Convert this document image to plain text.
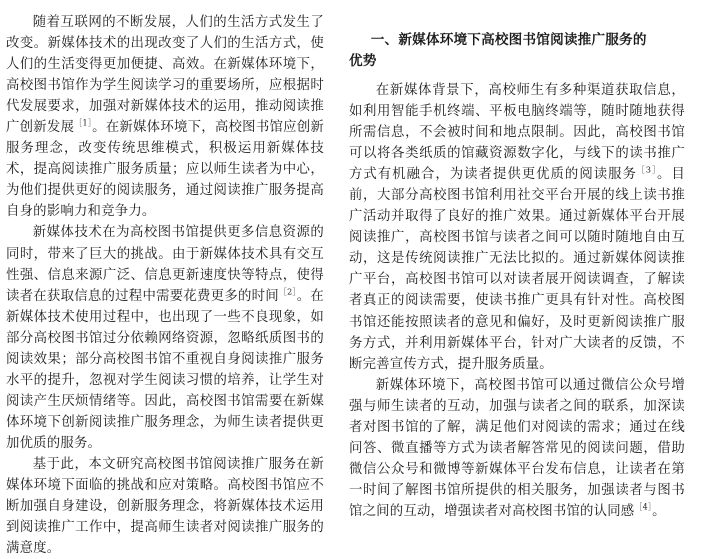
随着互联网的不断发展，人们的生活方式发生了改变。新媒体技术的出现改变了人们的生活方式，使人们的生活变得更加便捷、高效。在新媒体环境下，高校图书馆作为学生阅读学习的重要场所，应根据时代发展要求，加强对新媒体技术的运用，推动阅读推广创新发展$^{[1]}$。在新媒体环境下，高校图书馆应创新服务理念，改变传统思维模式，积极运用新媒体技术，提高阅读推广服务质量；应以师生读者为中心，为他们提供更好的阅读服务，通过阅读推广服务提高自身的影响力和竞争力。

新媒体技术在为高校图书馆提供更多信息资源的同时，带来了巨大的挑战。由于新媒体技术具有交互性强、信息来源广泛、信息更新速度快等特点，使得读者在获取信息的过程中需要花费更多的时间$^{[2]}$。在新媒体技术使用过程中，也出现了一些不良现象，如部分高校图书馆过分依赖网络资源，忽略纸质图书的阅读效果；部分高校图书馆不重视自身阅读推广服务水平的提升，忽视对学生阅读习惯的培养，让学生对阅读产生厌烦情绪等。因此，高校图书馆需要在新媒体环境下创新阅读推广服务理念，为师生读者提供更加优质的服务。

基于此，本文研究高校图书馆阅读推广服务在新媒体环境下面临的挑战和应对策略。高校图书馆应不断加强自身建设，创新服务理念，将新媒体技术运用到阅读推广工作中，提高师生读者对阅读推广服务的满意度。

一、新媒体环境下高校图书馆阅读推广服务的
优势

在新媒体背景下，高校师生有多种渠道获取信息，如利用智能手机终端、平板电脑终端等，随时随地获得所需信息，不会被时间和地点限制。因此，高校图书馆可以将各类纸质的馆藏资源数字化，与线下的读书推广方式有机融合，为读者提供更优质的阅读服务$^{[3]}$。目前，大部分高校图书馆利用社交平台开展的线上读书推广活动并取得了良好的推广效果。通过新媒体平台开展阅读推广，高校图书馆与读者之间可以随时随地自由互动，这是传统阅读推广无法比拟的。通过新媒体阅读推广平台，高校图书馆可以对读者展开阅读调查，了解读者真正的阅读需要，使读书推广更具有针对性。高校图书馆还能按照读者的意见和偏好，及时更新阅读推广服务方式，并利用新媒体平台，针对广大读者的反馈，不断完善宣传方式，提升服务质量。

新媒体环境下，高校图书馆可以通过微信公众号增强与师生读者的互动，加强与读者之间的联系，加深读者对图书馆的了解，满足他们对阅读的需求；通过在线问答、微直播等方式为读者解答常见的阅读问题，借助微信公众号和微博等新媒体平台发布信息，让读者在第一时间了解图书馆所提供的相关服务，加强读者与图书馆之间的互动，增强读者对高校图书馆的认同感$^{[4]}$。
